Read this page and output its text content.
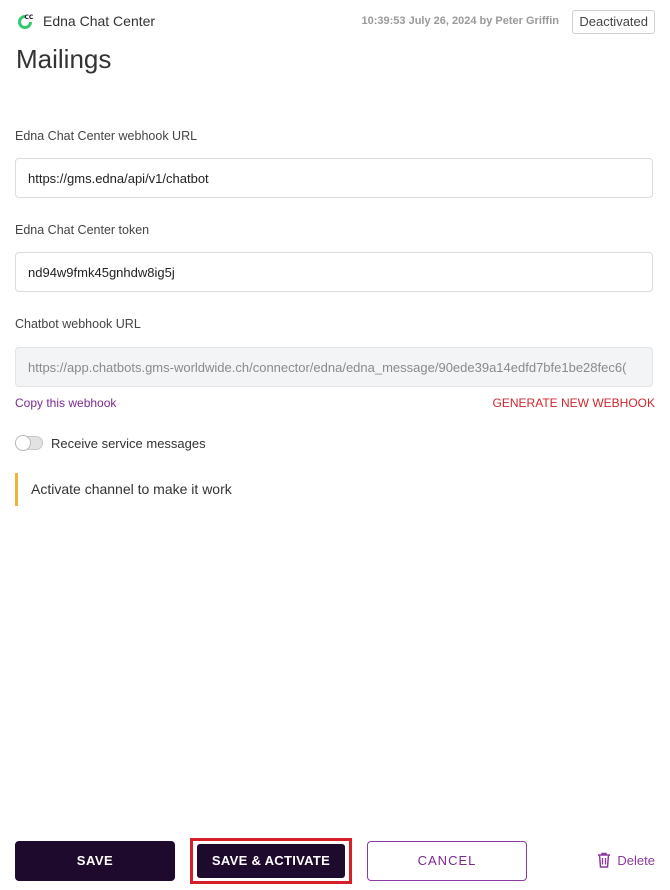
CC Edna Chat Center	10:39:53 July 26, 2024 by Peter Griffin	Deactivated
Mailings
Edna Chat Center webhook URL
https://gms.edna/api/v1/chatbot
Edna Chat Center token
nd94w9fmk45gnhdw8ig5j
Chatbot webhook URL
https://app.chatbots.gms-worldwide.ch/connector/edna/edna_message/90ede39a14edfd7bfe1be28fec6(
Copy this webhook	GENERATE NEW WEBHOOK
Receive service messages
Activate channel to make it work
SAVE	SAVE & ACTIVATE	CANCEL	Delete
